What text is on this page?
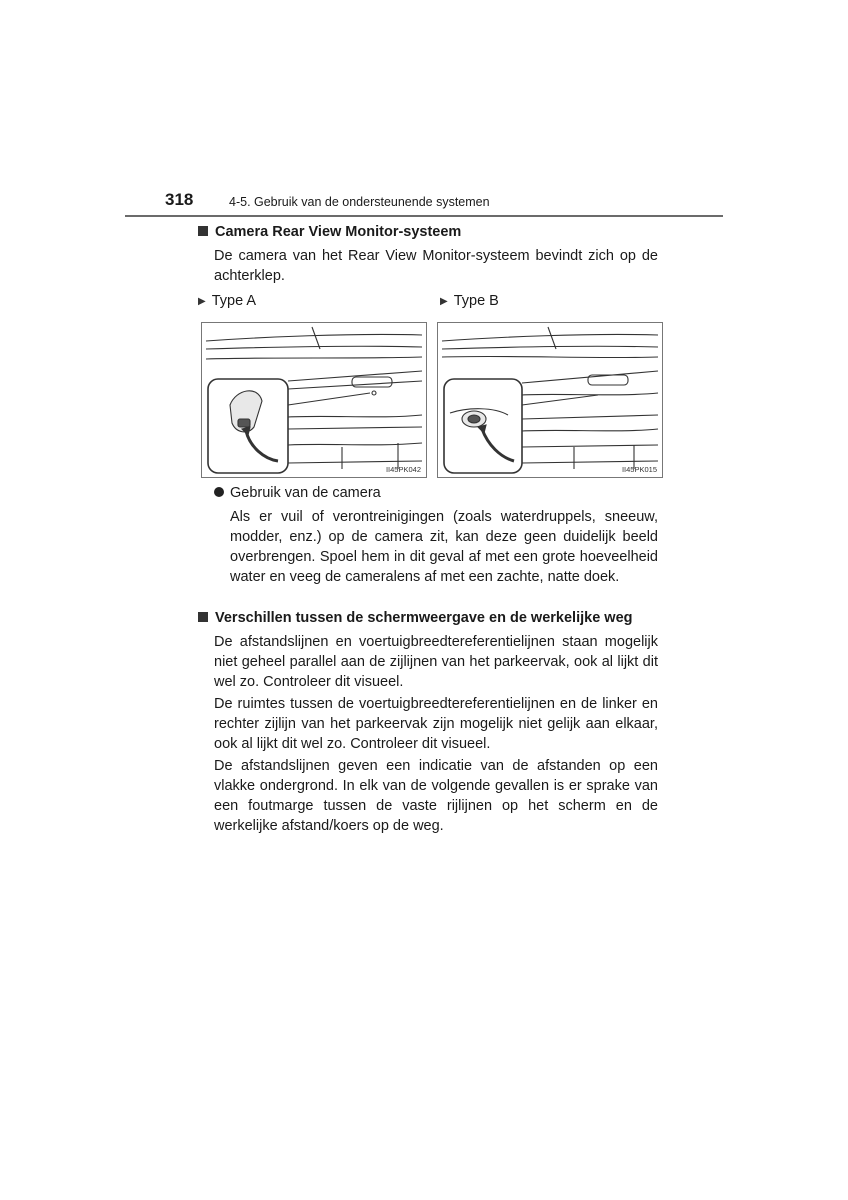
318	4-5. Gebruik van de ondersteunende systemen
Camera Rear View Monitor-systeem
De camera van het Rear View Monitor-systeem bevindt zich op de achterklep.
▶ Type A	▶ Type B
II45PK042	II45PK015
Gebruik van de camera
Als er vuil of verontreinigingen (zoals waterdruppels, sneeuw, modder, enz.) op de camera zit, kan deze geen duidelijk beeld overbrengen. Spoel hem in dit geval af met een grote hoeveelheid water en veeg de cameralens af met een zachte, natte doek.
Verschillen tussen de schermweergave en de werkelijke weg
De afstandslijnen en voertuigbreedtereferentielijnen staan mogelijk niet geheel parallel aan de zijlijnen van het parkeervak, ook al lijkt dit wel zo. Controleer dit visueel.
De ruimtes tussen de voertuigbreedtereferentielijnen en de linker en rechter zijlijn van het parkeervak zijn mogelijk niet gelijk aan elkaar, ook al lijkt dit wel zo. Controleer dit visueel.
De afstandslijnen geven een indicatie van de afstanden op een vlakke ondergrond. In elk van de volgende gevallen is er sprake van een foutmarge tussen de vaste rijlijnen op het scherm en de werkelijke afstand/koers op de weg.
